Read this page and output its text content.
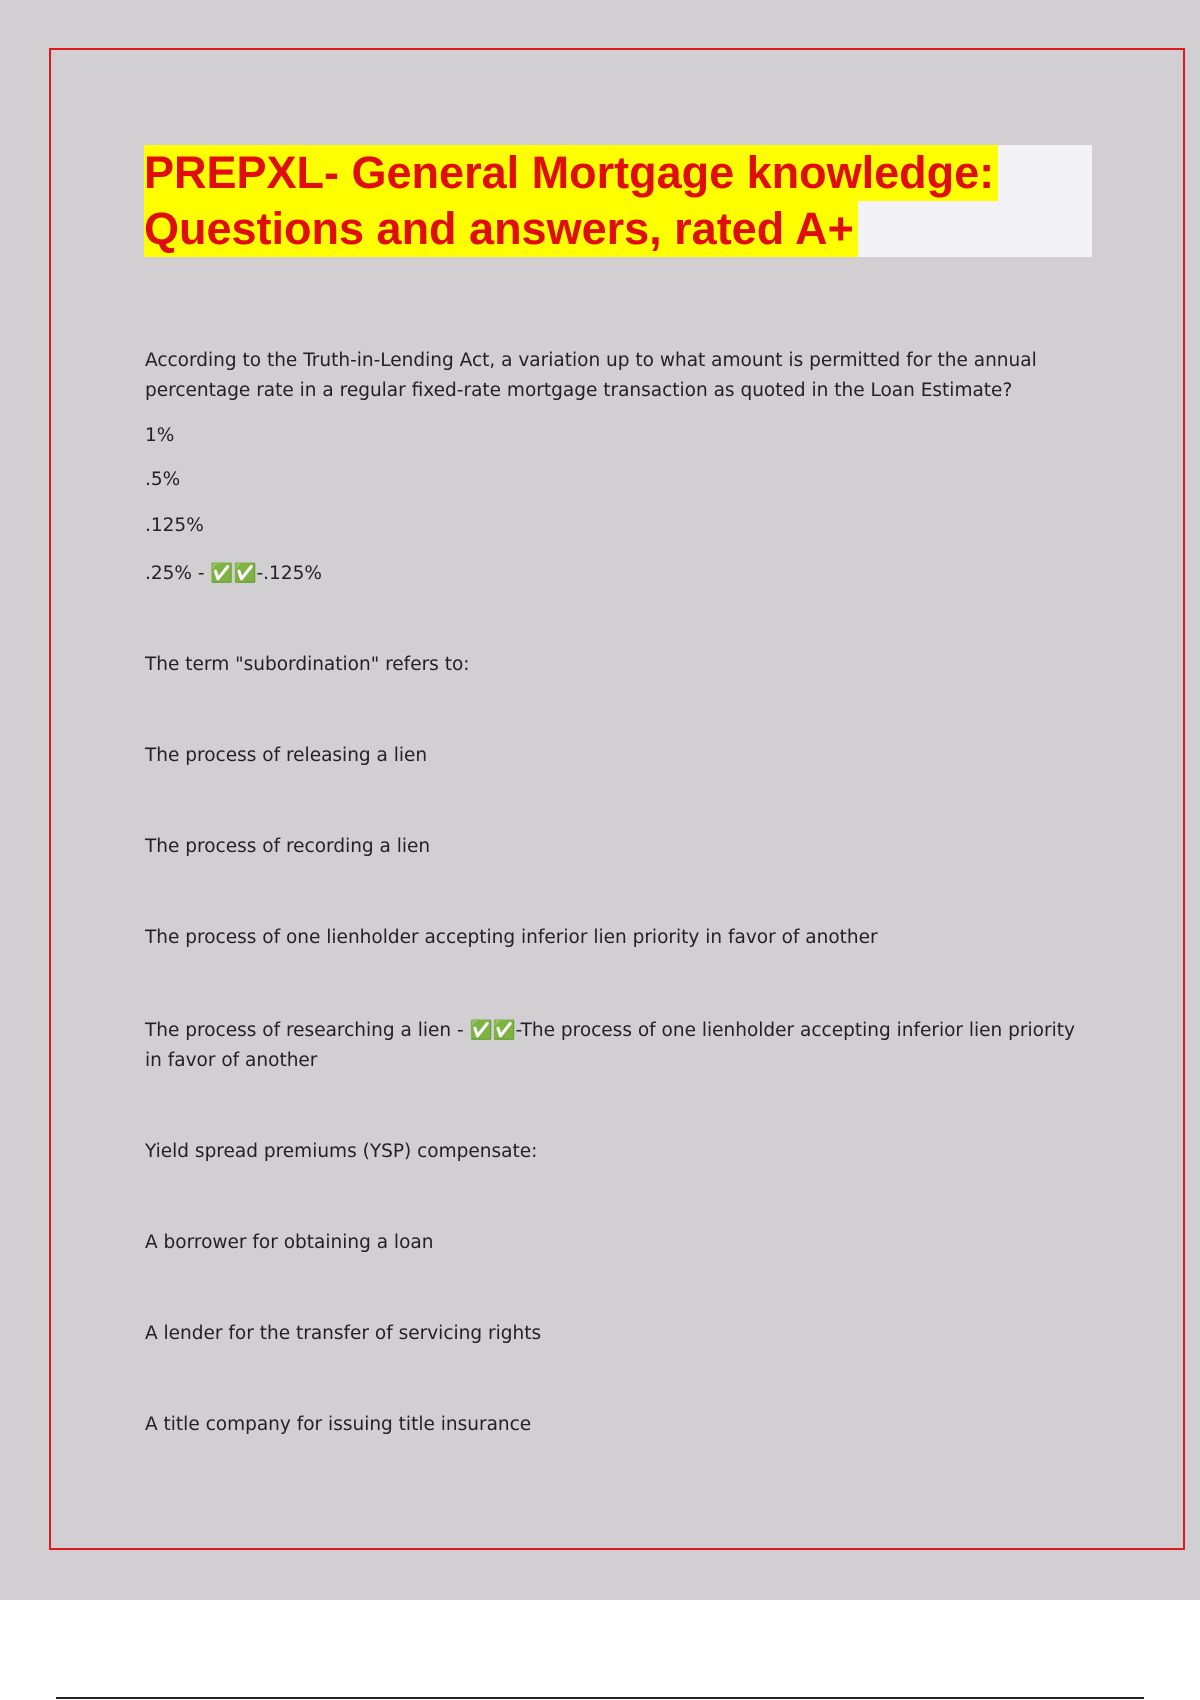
PREPXL- General Mortgage knowledge:
Questions and answers, rated A+
According to the Truth-in-Lending Act, a variation up to what amount is permitted for the annual percentage rate in a regular fixed-rate mortgage transaction as quoted in the Loan Estimate?
1%
.5%
.125%
.25% - ✅✅-.125%
The term "subordination" refers to:
The process of releasing a lien
The process of recording a lien
The process of one lienholder accepting inferior lien priority in favor of another
The process of researching a lien - ✅✅-The process of one lienholder accepting inferior lien priority in favor of another
Yield spread premiums (YSP) compensate:
A borrower for obtaining a loan
A lender for the transfer of servicing rights
A title company for issuing title insurance
